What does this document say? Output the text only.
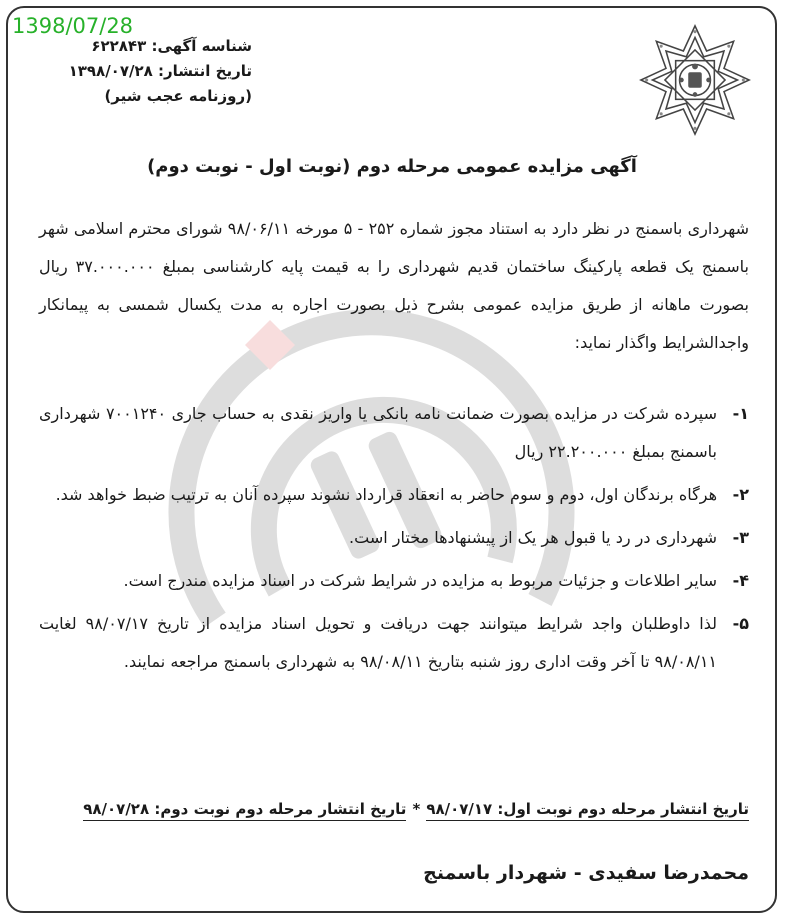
1398/07/28
شناسه آگهی: ۶۲۲۸۴۳
تاریخ انتشار: ۱۳۹۸/۰۷/۲۸
(روزنامه عجب شیر)
آگهی مزایده عمومی مرحله دوم (نوبت اول - نوبت دوم)
شهرداری باسمنج در نظر دارد به استناد مجوز شماره ۲۵۲ - ۵ مورخه ۹۸/۰۶/۱۱ شورای محترم اسلامی شهر باسمنج یک قطعه پارکینگ ساختمان قدیم شهرداری را به قیمت پایه کارشناسی بمبلغ ۳۷.۰۰۰.۰۰۰ ریال بصورت ماهانه از طریق مزایده عمومی بشرح ذیل بصورت اجاره به مدت یکسال شمسی به پیمانکار واجدالشرایط واگذار نماید:
۱-
سپرده شرکت در مزایده بصورت ضمانت نامه بانکی یا واریز نقدی به حساب جاری ۷۰۰۱۲۴۰ شهرداری باسمنج بمبلغ ۲۲.۲۰۰.۰۰۰ ریال
۲-
هرگاه برندگان اول، دوم و سوم حاضر به انعقاد قرارداد نشوند سپرده آنان به ترتیب ضبط خواهد شد.
۳-
شهرداری در رد یا قبول هر یک از پیشنهادها مختار است.
۴-
سایر اطلاعات و جزئیات مربوط به مزایده در شرایط شرکت در اسناد مزایده مندرج است.
۵-
لذا داوطلبان واجد شرایط میتوانند جهت دریافت و تحویل اسناد مزایده از تاریخ ۹۸/۰۷/۱۷ لغایت ۹۸/۰۸/۱۱ تا آخر وقت اداری روز شنبه بتاریخ ۹۸/۰۸/۱۱ به شهرداری باسمنج مراجعه نمایند.
تاریخ انتشار مرحله دوم نوبت اول: ۹۸/۰۷/۱۷
*
تاریخ انتشار مرحله دوم نوبت دوم: ۹۸/۰۷/۲۸
محمدرضا سفیدی - شهردار باسمنج
